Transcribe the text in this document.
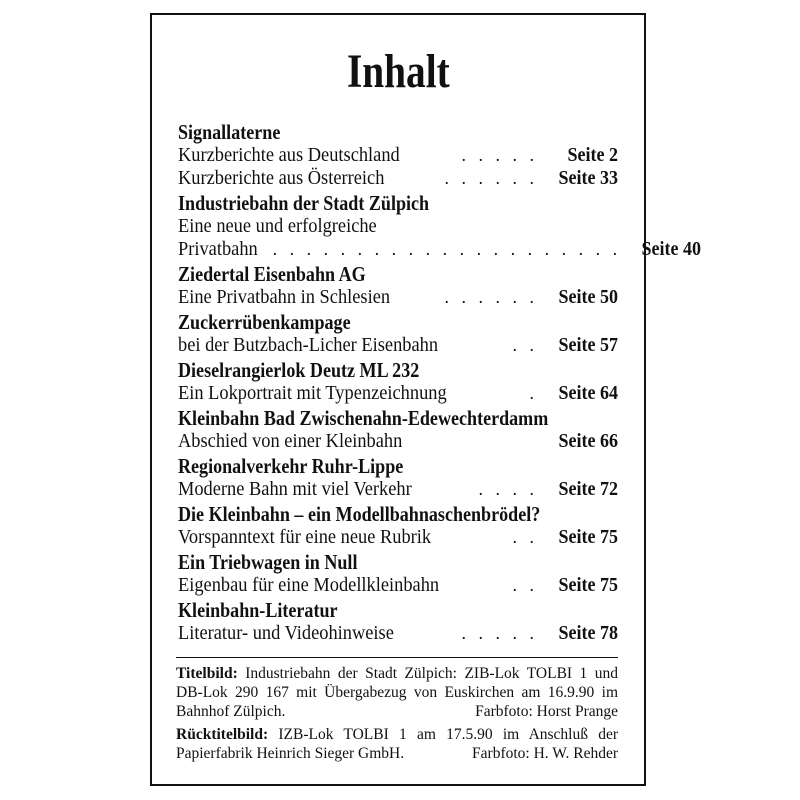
Inhalt
Signallaterne
Kurzberichte aus Deutschland	. . . . .	Seite 2
Kurzberichte aus Österreich	. . . . . .	Seite 33
Industriebahn der Stadt Zülpich
Eine neue und erfolgreiche
Privatbahn . . . . . . . . . . . . . . . . . . . . .	Seite 40
Ziedertal Eisenbahn AG
Eine Privatbahn in Schlesien	. . . . . .	Seite 50
Zuckerrübenkampage
bei der Butzbach-Licher Eisenbahn	. .	Seite 57
Dieselrangierlok Deutz ML 232
Ein Lokportrait mit Typenzeichnung	.	Seite 64
Kleinbahn Bad Zwischenahn-Edewechterdamm
Abschied von einer Kleinbahn	Seite 66
Regionalverkehr Ruhr-Lippe
Moderne Bahn mit viel Verkehr	. . . .	Seite 72
Die Kleinbahn – ein Modellbahnaschenbrödel?
Vorspanntext für eine neue Rubrik	. .	Seite 75
Ein Triebwagen in Null
Eigenbau für eine Modellkleinbahn	. .	Seite 75
Kleinbahn-Literatur
Literatur- und Videohinweise	. . . . .	Seite 78

Titelbild: Industriebahn der Stadt Zülpich: ZIB-Lok TOLBI 1 und DB-Lok 290 167 mit Übergabezug von Euskirchen am 16.9.90 im Bahnhof Zülpich.	Farbfoto: Horst Prange

Rücktitelbild: IZB-Lok TOLBI 1 am 17.5.90 im Anschluß der Papierfabrik Heinrich Sieger GmbH.	Farbfoto: H. W. Rehder
